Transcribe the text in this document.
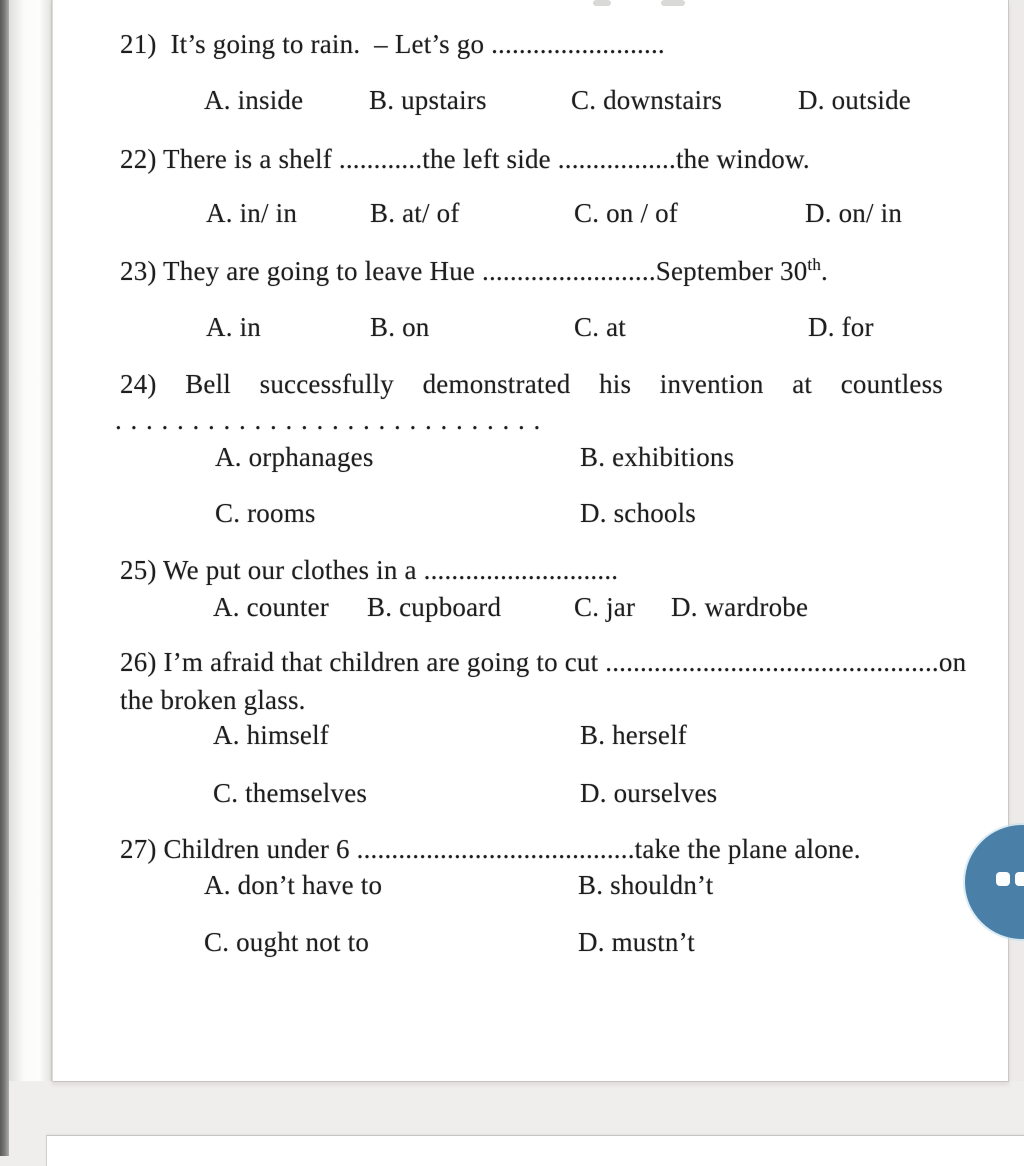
21)  It’s going to rain.  – Let’s go .........................
A. inside B. upstairs	C. downstairs	D. outside
22) There is a shelf ............the left side .................the window.
A. in/ in	B. at/ of	C. on / of	D. on/ in
23) They are going to leave Hue .........................September 30th.
A. in	B. on	C. at	D. for
24) Bell successfully demonstrated his invention at countless
. . . . . . . . . . . . . . . . . . . . . . . . . . . .
A. orphanages	B. exhibitions
C. rooms	D. schools
25) We put our clothes in a ............................
A. counter B. cupboard	C. jar D. wardrobe
26) I’m afraid that children are going to cut ................................................on
the broken glass.
A. himself	B. herself
C. themselves	D. ourselves
27) Children under 6 ........................................take the plane alone.
A. don’t have to	B. shouldn’t
C. ought not to	D. mustn’t
